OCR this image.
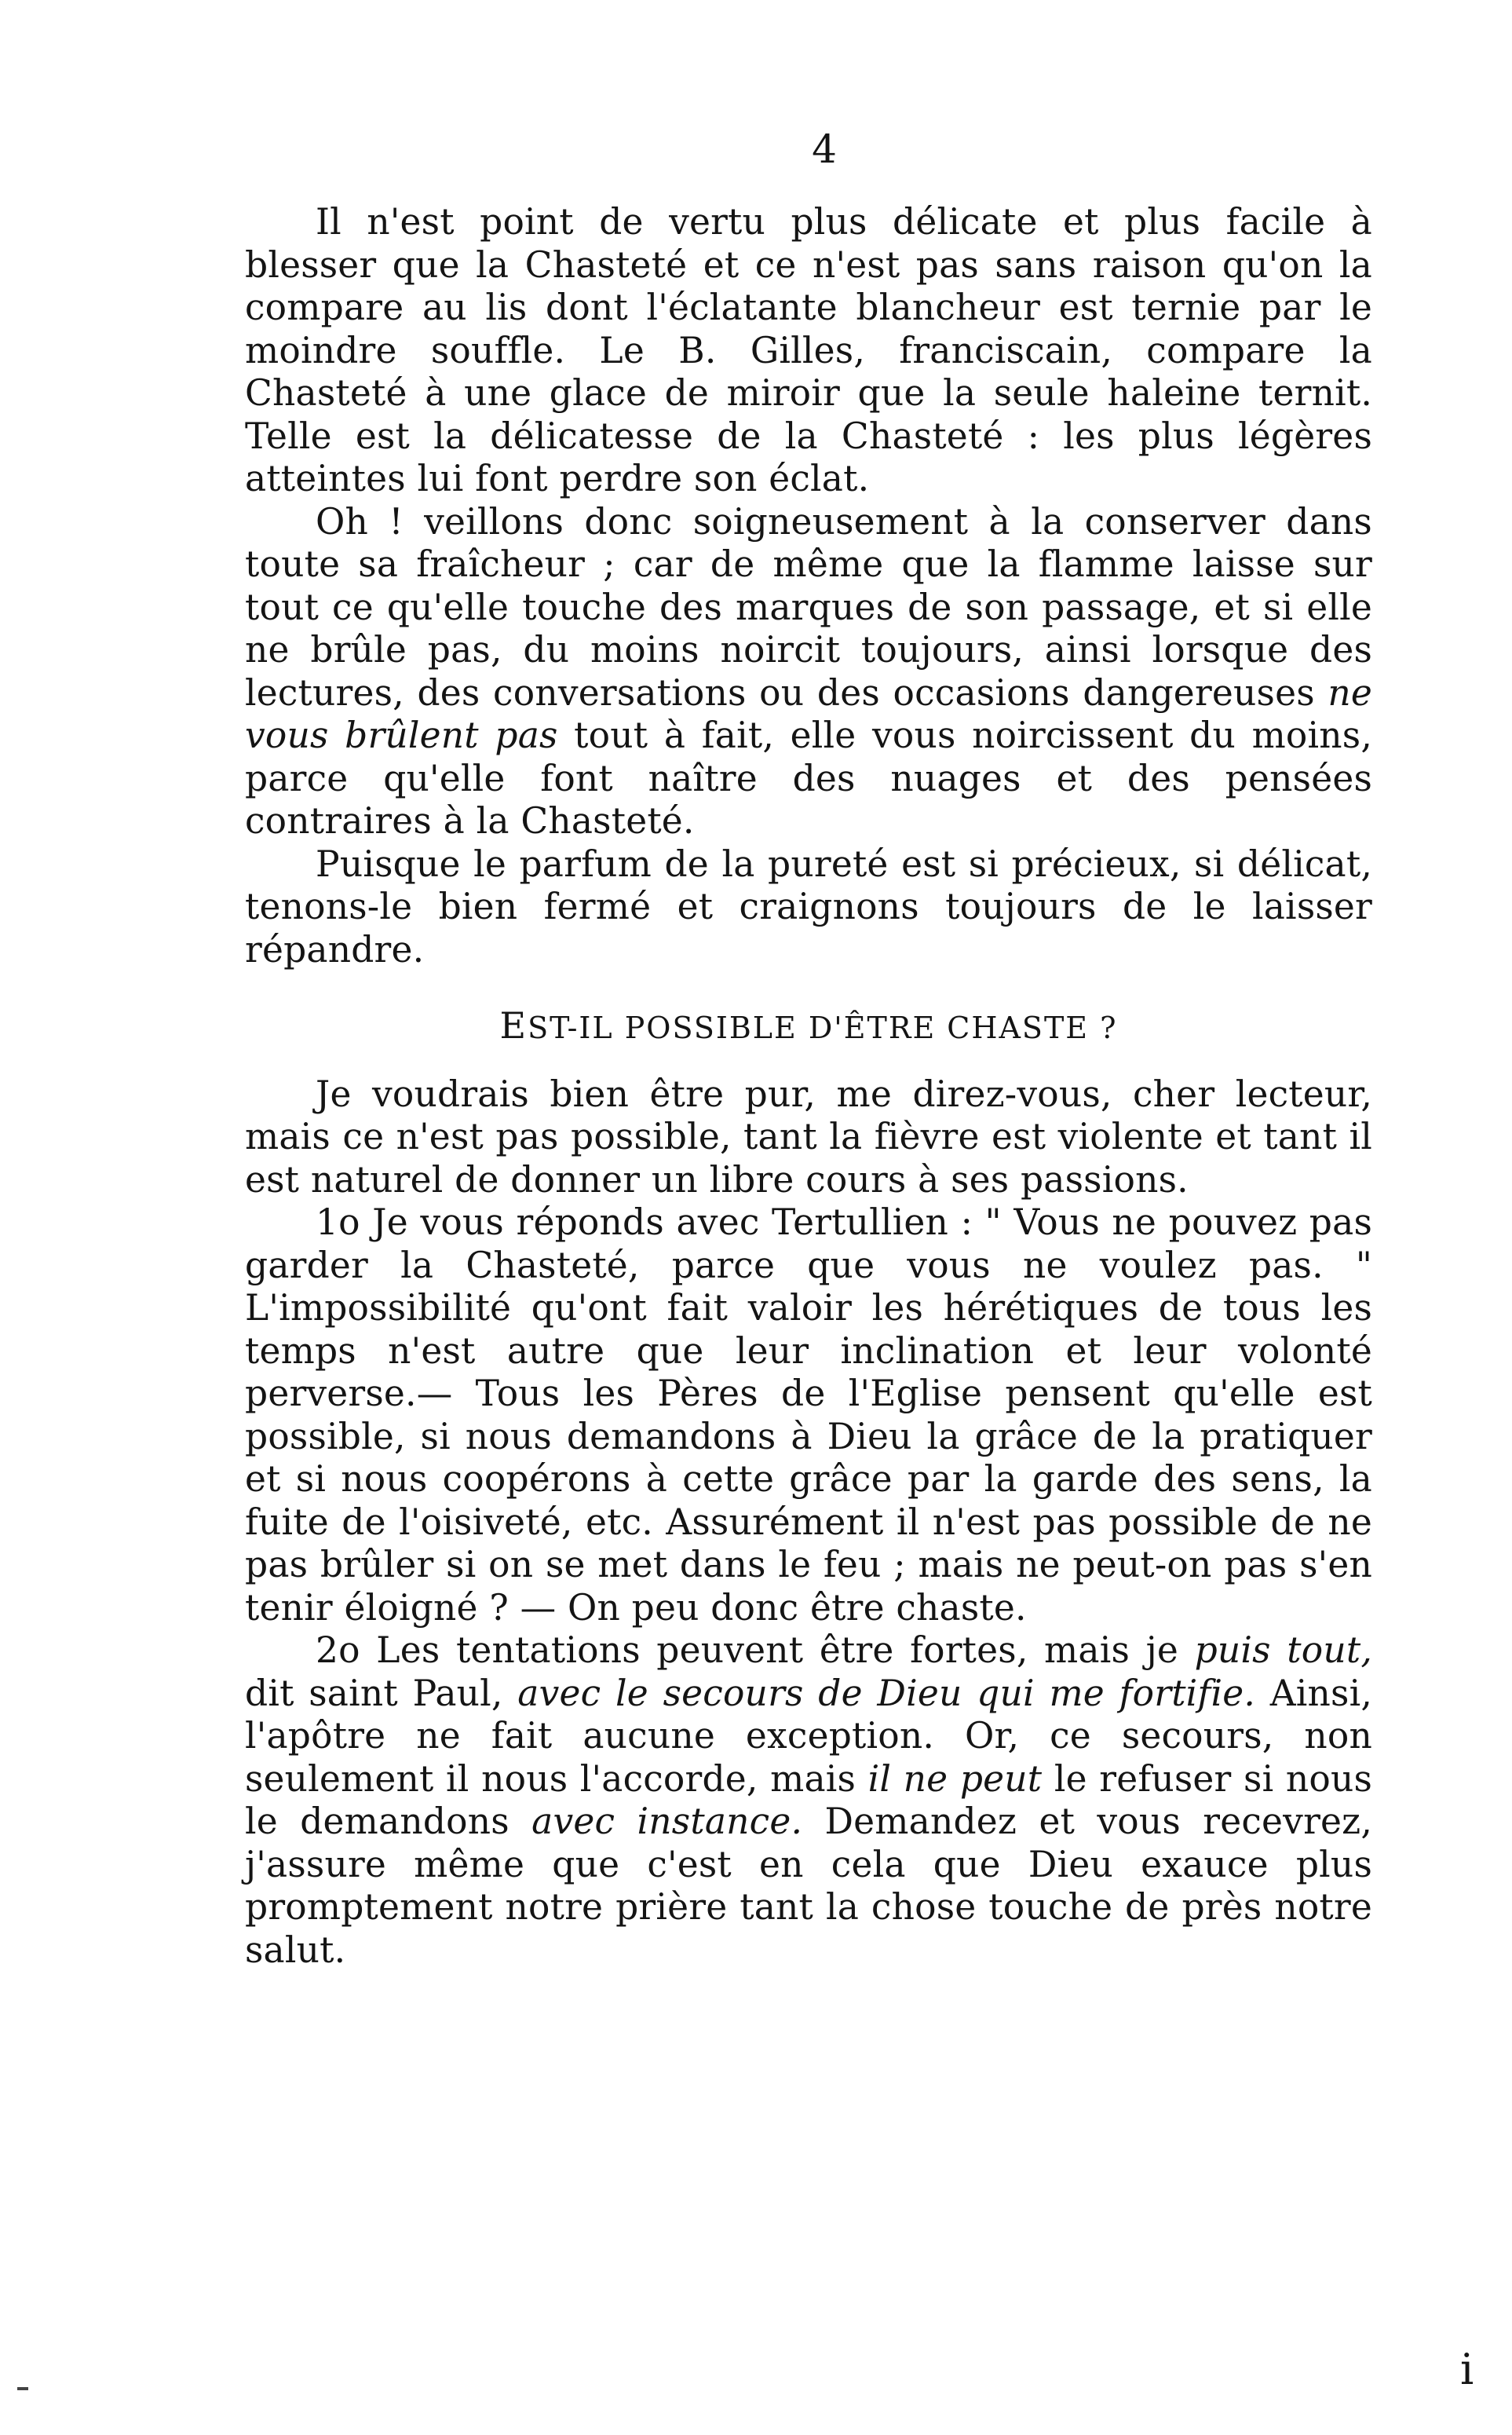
4

Il n'est point de vertu plus délicate et plus facile à blesser que la Chasteté et ce n'est pas sans raison qu'on la compare au lis dont l'éclatante blancheur est ternie par le moindre souffle. Le B. Gilles, franciscain, compare la Chasteté à une glace de miroir que la seule haleine ternit. Telle est la délicatesse de la Chasteté : les plus légères atteintes lui font perdre son éclat.

Oh ! veillons donc soigneusement à la conserver dans toute sa fraîcheur ; car de même que la flamme laisse sur tout ce qu'elle touche des marques de son passage, et si elle ne brûle pas, du moins noircit toujours, ainsi lorsque des lectures, des conversations ou des occasions dangereuses ne vous brûlent pas tout à fait, elle vous noircissent du moins, parce qu'elle font naître des nuages et des pensées contraires à la Chasteté.

Puisque le parfum de la pureté est si précieux, si délicat, tenons-le bien fermé et craignons toujours de le laisser répandre.

EST-IL POSSIBLE D'ÊTRE CHASTE ?

Je voudrais bien être pur, me direz-vous, cher lecteur, mais ce n'est pas possible, tant la fièvre est violente et tant il est naturel de donner un libre cours à ses passions.

1o Je vous réponds avec Tertullien : " Vous ne pouvez pas garder la Chasteté, parce que vous ne voulez pas. " L'impossibilité qu'ont fait valoir les hérétiques de tous les temps n'est autre que leur inclination et leur volonté perverse.— Tous les Pères de l'Eglise pensent qu'elle est possible, si nous demandons à Dieu la grâce de la pratiquer et si nous coopérons à cette grâce par la garde des sens, la fuite de l'oisiveté, etc. Assurément il n'est pas possible de ne pas brûler si on se met dans le feu ; mais ne peut-on pas s'en tenir éloigné ? — On peu donc être chaste.

2o Les tentations peuvent être fortes, mais je puis tout, dit saint Paul, avec le secours de Dieu qui me fortifie. Ainsi, l'apôtre ne fait aucune exception. Or, ce secours, non seulement il nous l'accorde, mais il ne peut le refuser si nous le demandons avec instance. Demandez et vous recevrez, j'assure même que c'est en cela que Dieu exauce plus promptement notre prière tant la chose touche de près notre salut.

i
